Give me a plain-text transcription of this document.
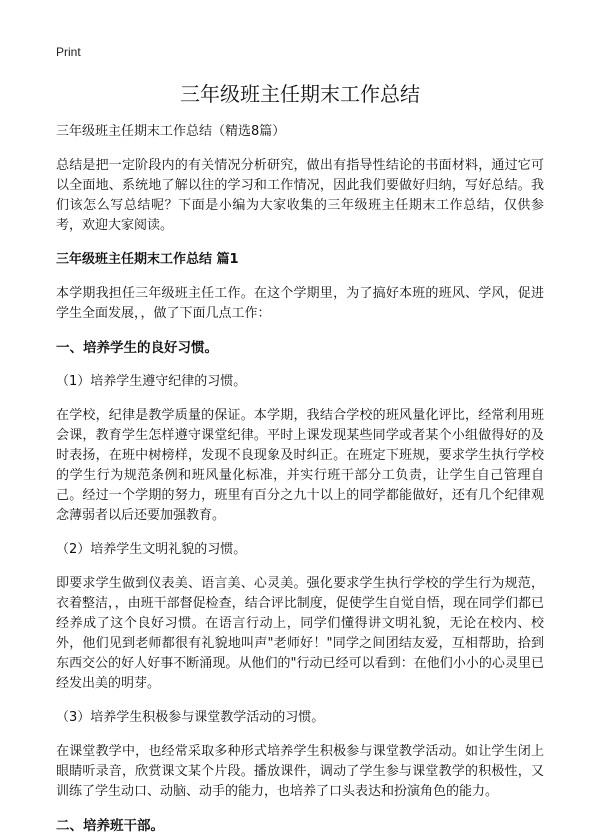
Print
三年级班主任期末工作总结

三年级班主任期末工作总结（精选8篇）

总结是把一定阶段内的有关情况分析研究，做出有指导性结论的书面材料，通过它可以全面地、系统地了解以往的学习和工作情况，因此我们要做好归纳，写好总结。我们该怎么写总结呢？下面是小编为大家收集的三年级班主任期末工作总结，仅供参考，欢迎大家阅读。

三年级班主任期末工作总结 篇1

本学期我担任三年级班主任工作。在这个学期里，为了搞好本班的班风、学风，促进学生全面发展，，做了下面几点工作：

一、培养学生的良好习惯。

（1）培养学生遵守纪律的习惯。

在学校，纪律是教学质量的保证。本学期，我结合学校的班风量化评比，经常利用班会课，教育学生怎样遵守课堂纪律。平时上课发现某些同学或者某个小组做得好的及时表扬，在班中树榜样，发现不良现象及时纠正。在班定下班规，要求学生执行学校的学生行为规范条例和班风量化标准，并实行班干部分工负责，让学生自己管理自己。经过一个学期的努力，班里有百分之九十以上的同学都能做好，还有几个纪律观念薄弱者以后还要加强教育。

（2）培养学生文明礼貌的习惯。

即要求学生做到仪表美、语言美、心灵美。强化要求学生执行学校的学生行为规范，衣着整洁，，由班干部督促检查，结合评比制度，促使学生自觉自悟，现在同学们都已经养成了这个良好习惯。在语言行动上，同学们懂得讲文明礼貌，无论在校内、校外，他们见到老师都很有礼貌地叫声"老师好！"同学之间团结友爱，互相帮助，拾到东西交公的好人好事不断涌现。从他们的"行动已经可以看到：在他们小小的心灵里已经发出美的明芽。

（3）培养学生积极参与课堂教学活动的习惯。

在课堂教学中，也经常采取多种形式培养学生积极参与课堂教学活动。如让学生闭上眼睛听录音，欣赏课文某个片段。播放课件，调动了学生参与课堂教学的积极性，又训练了学生动口、动脑、动手的能力，也培养了口头表达和扮演角色的能力。

二、培养班干部。
